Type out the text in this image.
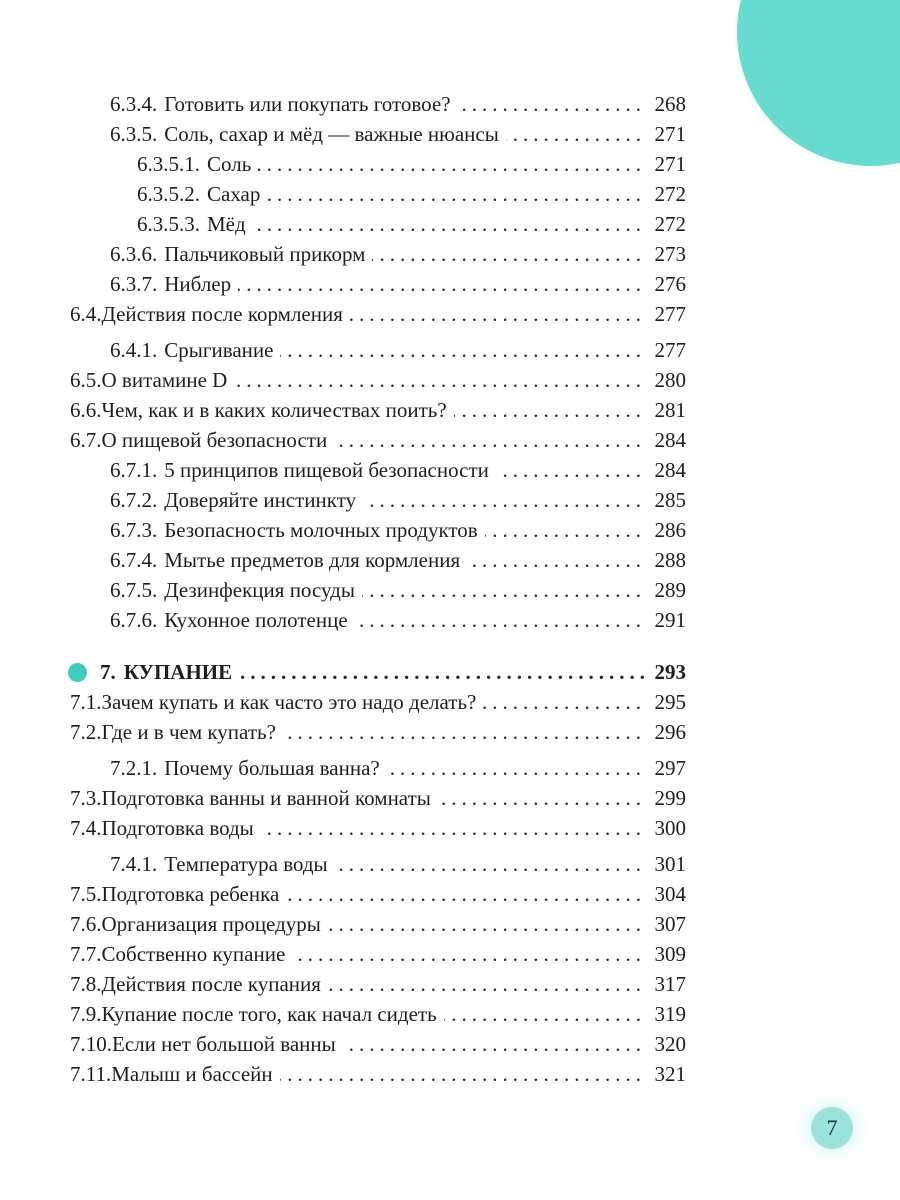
6.3.4. Готовить или покупать готовое? .....	268
6.3.5. Соль, сахар и мёд — важные нюансы .....	271
6.3.5.1. Соль .....	271
6.3.5.2. Сахар .....	272
6.3.5.3. Мёд .....	272
6.3.6. Пальчиковый прикорм .....	273
6.3.7. Ниблер .....	276
6.4. Действия после кормления .....	277
6.4.1. Срыгивание .....	277
6.5. О витамине D .....	280
6.6. Чем, как и в каких количествах поить? .....	281
6.7. О пищевой безопасности .....	284
6.7.1. 5 принципов пищевой безопасности .....	284
6.7.2. Доверяйте инстинкту .....	285
6.7.3. Безопасность молочных продуктов .....	286
6.7.4. Мытье предметов для кормления .....	288
6.7.5. Дезинфекция посуды .....	289
6.7.6. Кухонное полотенце .....	291
7. КУПАНИЕ .....	293
7.1. Зачем купать и как часто это надо делать? .....	295
7.2. Где и в чем купать? .....	296
7.2.1. Почему большая ванна? .....	297
7.3. Подготовка ванны и ванной комнаты .....	299
7.4. Подготовка воды .....	300
7.4.1. Температура воды .....	301
7.5. Подготовка ребенка .....	304
7.6. Организация процедуры .....	307
7.7. Собственно купание .....	309
7.8. Действия после купания .....	317
7.9. Купание после того, как начал сидеть .....	319
7.10. Если нет большой ванны .....	320
7.11. Малыш и бассейн .....	321
7
